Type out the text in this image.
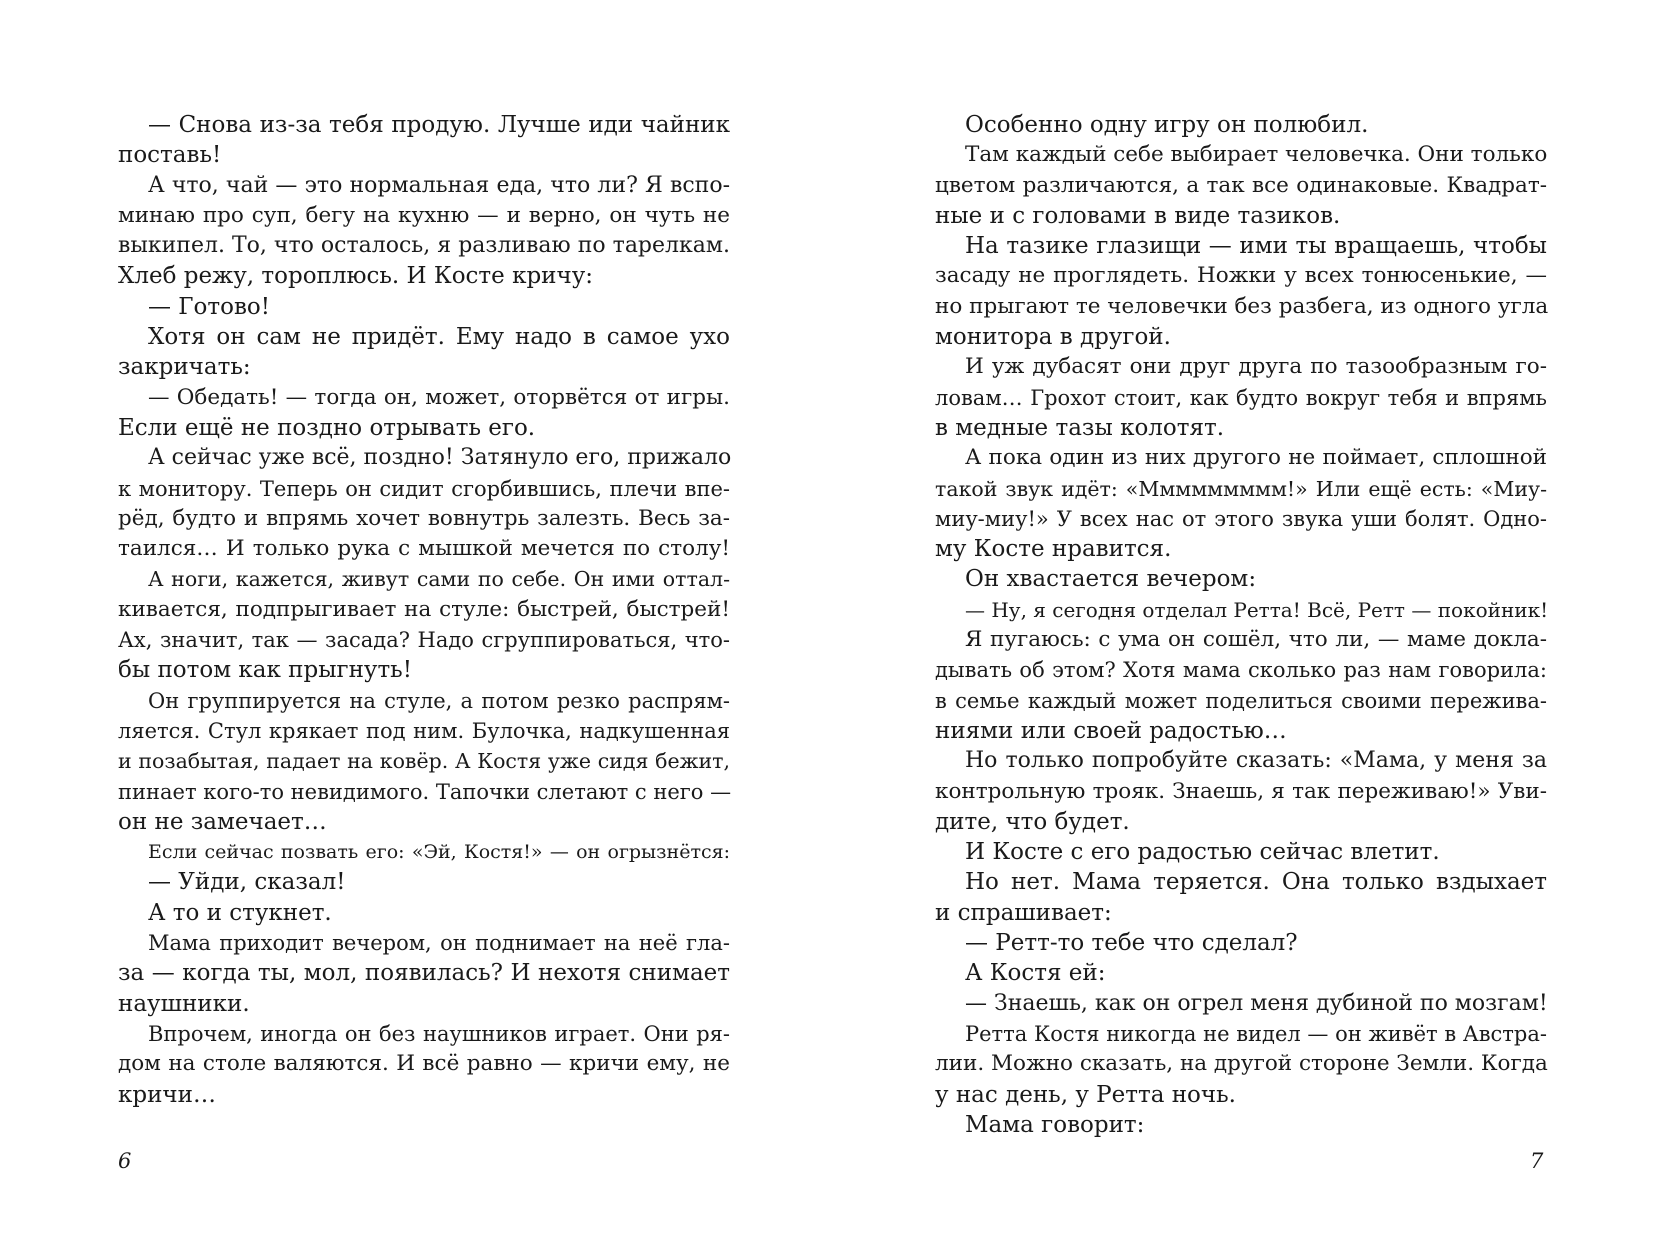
— Снова из-за тебя продую. Лучше иди чайник
поставь!
А что, чай — это нормальная еда, что ли? Я вспо-
минаю про суп, бегу на кухню — и верно, он чуть не
выкипел. То, что осталось, я разливаю по тарелкам.
Хлеб режу, тороплюсь. И Косте кричу:
— Готово!
Хотя он сам не придёт. Ему надо в самое ухо
закричать:
— Обедать! — тогда он, может, оторвётся от игры.
Если ещё не поздно отрывать его.
А сейчас уже всё, поздно! Затянуло его, прижало
к монитору. Теперь он сидит сгорбившись, плечи впе-
рёд, будто и впрямь хочет вовнутрь залезть. Весь за-
таился… И только рука с мышкой мечется по столу!
А ноги, кажется, живут сами по себе. Он ими оттал-
кивается, подпрыгивает на стуле: быстрей, быстрей!
Ах, значит, так — засада? Надо сгруппироваться, что-
бы потом как прыгнуть!
Он группируется на стуле, а потом резко распрям-
ляется. Стул крякает под ним. Булочка, надкушенная
и позабытая, падает на ковёр. А Костя уже сидя бежит,
пинает кого-то невидимого. Тапочки слетают с него —
он не замечает…
Если сейчас позвать его: «Эй, Костя!» — он огрызнётся:
— Уйди, сказал!
А то и стукнет.
Мама приходит вечером, он поднимает на неё гла-
за — когда ты, мол, появилась? И нехотя снимает
наушники.
Впрочем, иногда он без наушников играет. Они ря-
дом на столе валяются. И всё равно — кричи ему, не
кричи…
6
Особенно одну игру он полюбил.
Там каждый себе выбирает человечка. Они только
цветом различаются, а так все одинаковые. Квадрат-
ные и с головами в виде тазиков.
На тазике глазищи — ими ты вращаешь, чтобы
засаду не проглядеть. Ножки у всех тонюсенькие, —
но прыгают те человечки без разбега, из одного угла
монитора в другой.
И уж дубасят они друг друга по тазообразным го-
ловам… Грохот стоит, как будто вокруг тебя и впрямь
в медные тазы колотят.
А пока один из них другого не поймает, сплошной
такой звук идёт: «Ммммммммм!» Или ещё есть: «Миу-
миу-миу!» У всех нас от этого звука уши болят. Одно-
му Косте нравится.
Он хвастается вечером:
— Ну, я сегодня отделал Ретта! Всё, Ретт — покойник!
Я пугаюсь: с ума он сошёл, что ли, — маме докла-
дывать об этом? Хотя мама сколько раз нам говорила:
в семье каждый может поделиться своими пережива-
ниями или своей радостью…
Но только попробуйте сказать: «Мама, у меня за
контрольную трояк. Знаешь, я так переживаю!» Уви-
дите, что будет.
И Косте с его радостью сейчас влетит.
Но нет. Мама теряется. Она только вздыхает
и спрашивает:
— Ретт-то тебе что сделал?
А Костя ей:
— Знаешь, как он огрел меня дубиной по мозгам!
Ретта Костя никогда не видел — он живёт в Австра-
лии. Можно сказать, на другой стороне Земли. Когда
у нас день, у Ретта ночь.
Мама говорит:
7
